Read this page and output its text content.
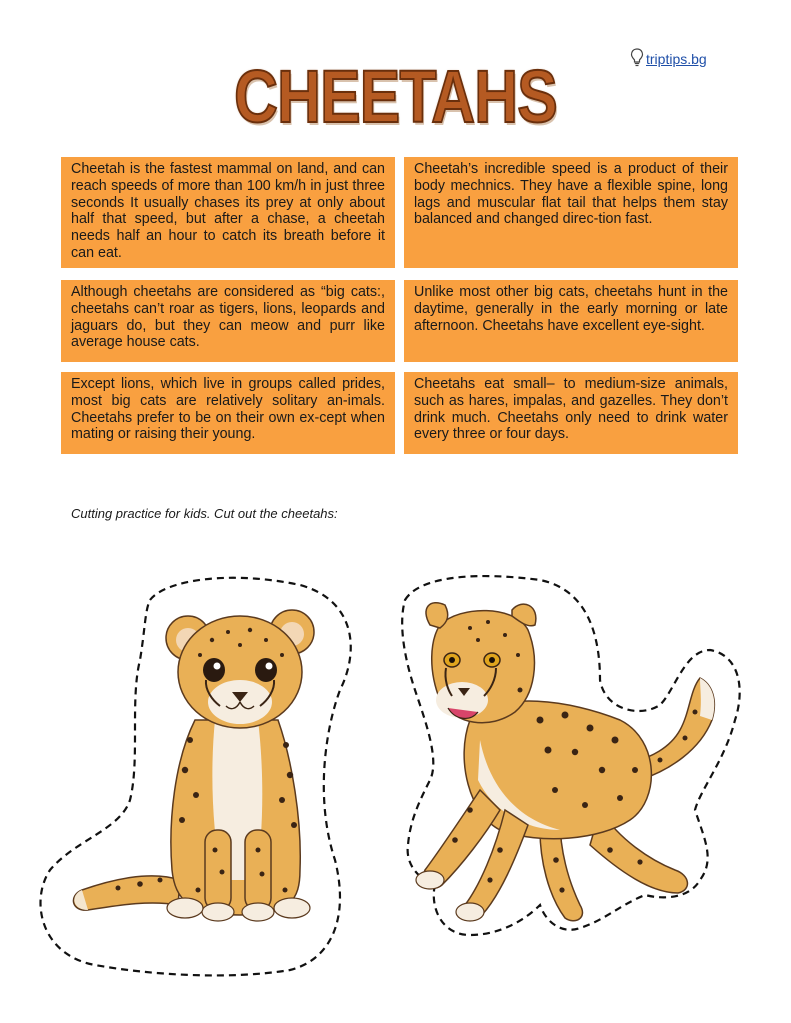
triptips.bg
CHEETAHS
Cheetah is the fastest mammal on land, and can reach speeds of more than 100 km/h in just three seconds It usually chases its prey at only about half that speed, but after a chase, a cheetah needs half an hour to catch its breath before it can eat.
Cheetah’s incredible speed is a product of their body mechnics. They have a flexible spine, long lags and muscular flat tail that helps them stay balanced and changed direc-tion fast.
Although cheetahs are considered as “big cats:, cheetahs can’t roar as tigers, lions, leopards and jaguars do, but they can meow and purr like average house cats.
Unlike most other big cats, cheetahs hunt in the daytime, generally in the early morning or late afternoon. Cheetahs have excellent eye-sight.
Except lions, which live in groups called prides, most big cats are relatively solitary an-imals. Cheetahs prefer to be on their own ex-cept when mating or raising their young.
Cheetahs eat small– to medium-size animals, such as hares, impalas, and gazelles. They don’t drink much. Cheetahs only need to drink water every three or four days.
Cutting practice for kids. Cut out the cheetahs:
